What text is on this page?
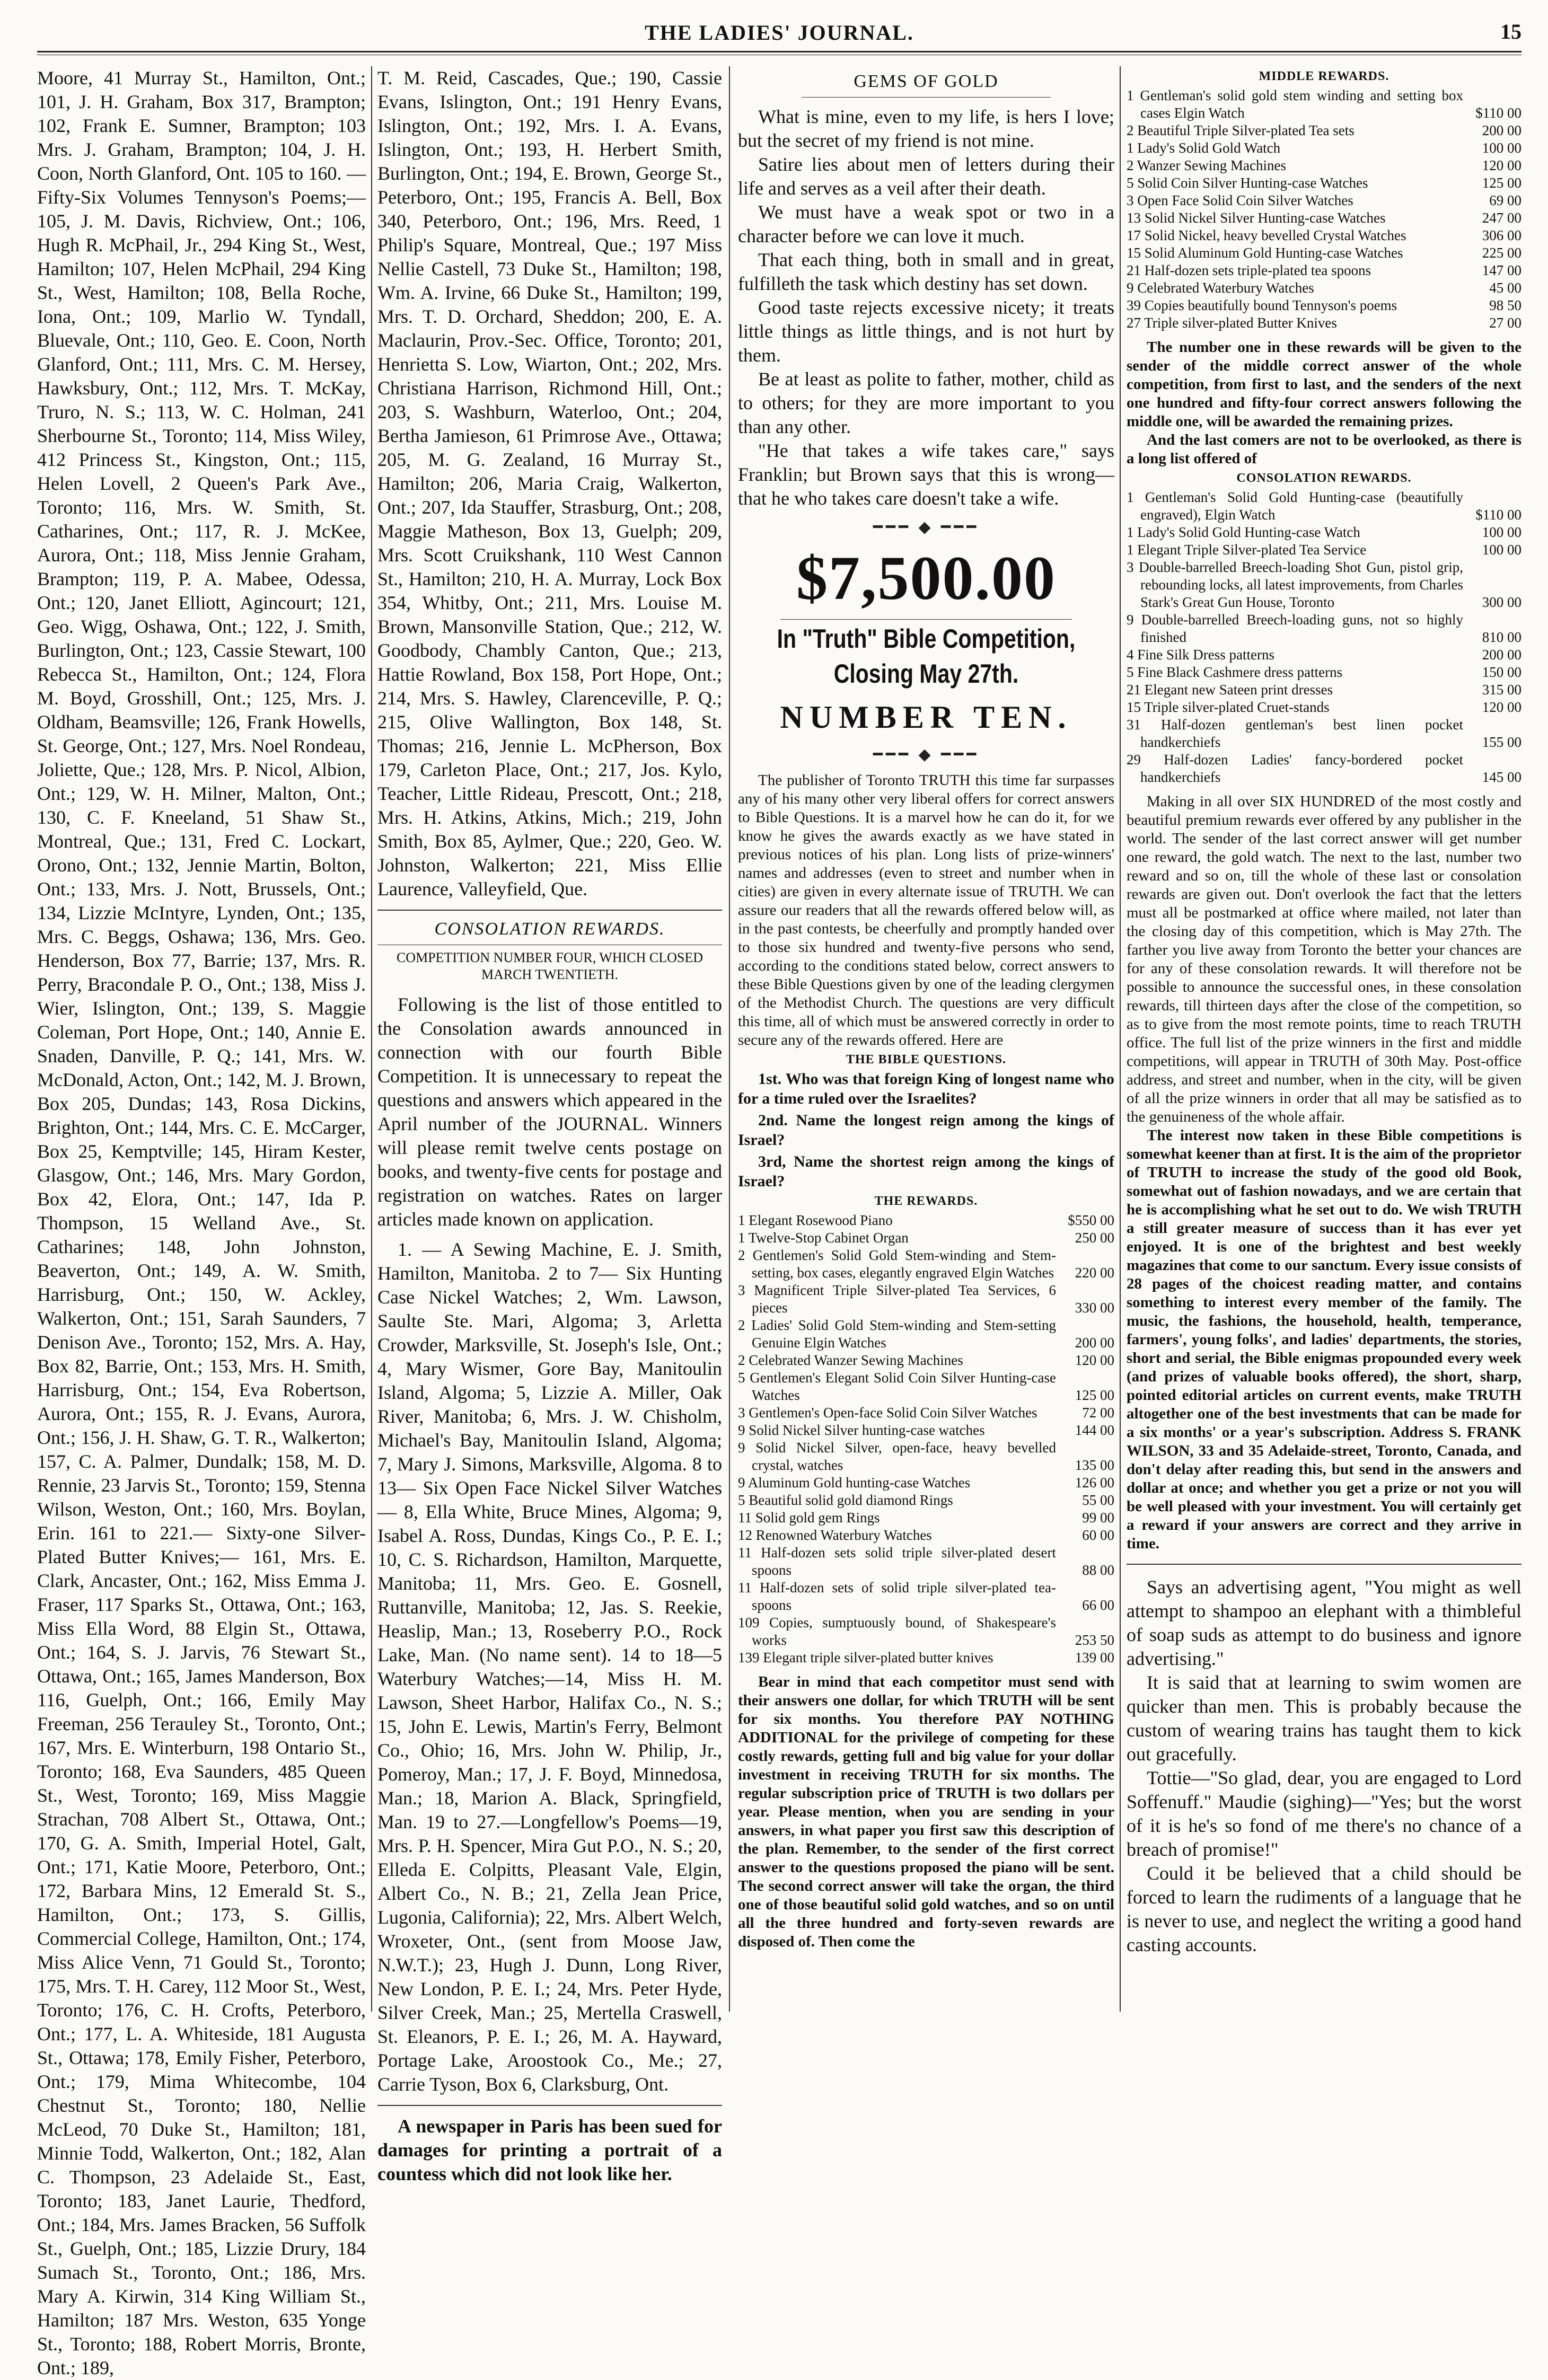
THE LADIES' JOURNAL.	15

Moore, 41 Murray St., Hamilton, Ont.; 101, J. H. Graham, Box 317, Brampton; 102, Frank E. Sumner, Brampton; 103 Mrs. J. Graham, Brampton; 104, J. H. Coon, North Glanford, Ont. 105 to 160. — Fifty-Six Volumes Tennyson's Poems;—105, J. M. Davis, Richview, Ont.; 106, Hugh R. McPhail, Jr., 294 King St., West, Hamilton; 107, Helen McPhail, 294 King St., West, Hamilton; 108, Bella Roche, Iona, Ont.; 109, Marlio W. Tyndall, Bluevale, Ont.; 110, Geo. E. Coon, North Glanford, Ont.; 111, Mrs. C. M. Hersey, Hawksbury, Ont.; 112, Mrs. T. McKay, Truro, N. S.; 113, W. C. Holman, 241 Sherbourne St., Toronto; 114, Miss Wiley, 412 Princess St., Kingston, Ont.; 115, Helen Lovell, 2 Queen's Park Ave., Toronto; 116, Mrs. W. Smith, St. Catharines, Ont.; 117, R. J. McKee, Aurora, Ont.; 118, Miss Jennie Graham, Brampton; 119, P. A. Mabee, Odessa, Ont.; 120, Janet Elliott, Agincourt; 121, Geo. Wigg, Oshawa, Ont.; 122, J. Smith, Burlington, Ont.; 123, Cassie Stewart, 100 Rebecca St., Hamilton, Ont.; 124, Flora M. Boyd, Grosshill, Ont.; 125, Mrs. J. Oldham, Beamsville; 126, Frank Howells, St. George, Ont.; 127, Mrs. Noel Rondeau, Joliette, Que.; 128, Mrs. P. Nicol, Albion, Ont.; 129, W. H. Milner, Malton, Ont.; 130, C. F. Kneeland, 51 Shaw St., Montreal, Que.; 131, Fred C. Lockart, Orono, Ont.; 132, Jennie Martin, Bolton, Ont.; 133, Mrs. J. Nott, Brussels, Ont.; 134, Lizzie McIntyre, Lynden, Ont.; 135, Mrs. C. Beggs, Oshawa; 136, Mrs. Geo. Henderson, Box 77, Barrie; 137, Mrs. R. Perry, Bracondale P. O., Ont.; 138, Miss J. Wier, Islington, Ont.; 139, S. Maggie Coleman, Port Hope, Ont.; 140, Annie E. Snaden, Danville, P. Q.; 141, Mrs. W. McDonald, Acton, Ont.; 142, M. J. Brown, Box 205, Dundas; 143, Rosa Dickins, Brighton, Ont.; 144, Mrs. C. E. McCarger, Box 25, Kemptville; 145, Hiram Kester, Glasgow, Ont.; 146, Mrs. Mary Gordon, Box 42, Elora, Ont.; 147, Ida P. Thompson, 15 Welland Ave., St. Catharines; 148, John Johnston, Beaverton, Ont.; 149, A. W. Smith, Harrisburg, Ont.; 150, W. Ackley, Walkerton, Ont.; 151, Sarah Saunders, 7 Denison Ave., Toronto; 152, Mrs. A. Hay, Box 82, Barrie, Ont.; 153, Mrs. H. Smith, Harrisburg, Ont.; 154, Eva Robertson, Aurora, Ont.; 155, R. J. Evans, Aurora, Ont.; 156, J. H. Shaw, G. T. R., Walkerton; 157, C. A. Palmer, Dundalk; 158, M. D. Rennie, 23 Jarvis St., Toronto; 159, Stenna Wilson, Weston, Ont.; 160, Mrs. Boylan, Erin. 161 to 221.— Sixty-one Silver-Plated Butter Knives;— 161, Mrs. E. Clark, Ancaster, Ont.; 162, Miss Emma J. Fraser, 117 Sparks St., Ottawa, Ont.; 163, Miss Ella Word, 88 Elgin St., Ottawa, Ont.; 164, S. J. Jarvis, 76 Stewart St., Ottawa, Ont.; 165, James Manderson, Box 116, Guelph, Ont.; 166, Emily May Freeman, 256 Terauley St., Toronto, Ont.; 167, Mrs. E. Winterburn, 198 Ontario St., Toronto; 168, Eva Saunders, 485 Queen St., West, Toronto; 169, Miss Maggie Strachan, 708 Albert St., Ottawa, Ont.; 170, G. A. Smith, Imperial Hotel, Galt, Ont.; 171, Katie Moore, Peterboro, Ont.; 172, Barbara Mins, 12 Emerald St. S., Hamilton, Ont.; 173, S. Gillis, Commercial College, Hamilton, Ont.; 174, Miss Alice Venn, 71 Gould St., Toronto; 175, Mrs. T. H. Carey, 112 Moor St., West, Toronto; 176, C. H. Crofts, Peterboro, Ont.; 177, L. A. Whiteside, 181 Augusta St., Ottawa; 178, Emily Fisher, Peterboro, Ont.; 179, Mima Whitecombe, 104 Chestnut St., Toronto; 180, Nellie McLeod, 70 Duke St., Hamilton; 181, Minnie Todd, Walkerton, Ont.; 182, Alan C. Thompson, 23 Adelaide St., East, Toronto; 183, Janet Laurie, Thedford, Ont.; 184, Mrs. James Bracken, 56 Suffolk St., Guelph, Ont.; 185, Lizzie Drury, 184 Sumach St., Toronto, Ont.; 186, Mrs. Mary A. Kirwin, 314 King William St., Hamilton; 187 Mrs. Weston, 635 Yonge St., Toronto; 188, Robert Morris, Bronte, Ont.; 189,

T. M. Reid, Cascades, Que.; 190, Cassie Evans, Islington, Ont.; 191 Henry Evans, Islington, Ont.; 192, Mrs. I. A. Evans, Islington, Ont.; 193, H. Herbert Smith, Burlington, Ont.; 194, E. Brown, George St., Peterboro, Ont.; 195, Francis A. Bell, Box 340, Peterboro, Ont.; 196, Mrs. Reed, 1 Philip's Square, Montreal, Que.; 197 Miss Nellie Castell, 73 Duke St., Hamilton; 198, Wm. A. Irvine, 66 Duke St., Hamilton; 199, Mrs. T. D. Orchard, Sheddon; 200, E. A. Maclaurin, Prov.-Sec. Office, Toronto; 201, Henrietta S. Low, Wiarton, Ont.; 202, Mrs. Christiana Harrison, Richmond Hill, Ont.; 203, S. Washburn, Waterloo, Ont.; 204, Bertha Jamieson, 61 Primrose Ave., Ottawa; 205, M. G. Zealand, 16 Murray St., Hamilton; 206, Maria Craig, Walkerton, Ont.; 207, Ida Stauffer, Strasburg, Ont.; 208, Maggie Matheson, Box 13, Guelph; 209, Mrs. Scott Cruikshank, 110 West Cannon St., Hamilton; 210, H. A. Murray, Lock Box 354, Whitby, Ont.; 211, Mrs. Louise M. Brown, Mansonville Station, Que.; 212, W. Goodbody, Chambly Canton, Que.; 213, Hattie Rowland, Box 158, Port Hope, Ont.; 214, Mrs. S. Hawley, Clarenceville, P. Q.; 215, Olive Wallington, Box 148, St. Thomas; 216, Jennie L. McPherson, Box 179, Carleton Place, Ont.; 217, Jos. Kylo, Teacher, Little Rideau, Prescott, Ont.; 218, Mrs. H. Atkins, Atkins, Mich.; 219, John Smith, Box 85, Aylmer, Que.; 220, Geo. W. Johnston, Walkerton; 221, Miss Ellie Laurence, Valleyfield, Que.

CONSOLATION REWARDS.
COMPETITION NUMBER FOUR, WHICH CLOSED MARCH TWENTIETH.

Following is the list of those entitled to the Consolation awards announced in connection with our fourth Bible Competition. It is unnecessary to repeat the questions and answers which appeared in the April number of the JOURNAL. Winners will please remit twelve cents postage on books, and twenty-five cents for postage and registration on watches. Rates on larger articles made known on application.

1. — A Sewing Machine, E. J. Smith, Hamilton, Manitoba. 2 to 7— Six Hunting Case Nickel Watches; 2, Wm. Lawson, Saulte Ste. Mari, Algoma; 3, Arletta Crowder, Marksville, St. Joseph's Isle, Ont.; 4, Mary Wismer, Gore Bay, Manitoulin Island, Algoma; 5, Lizzie A. Miller, Oak River, Manitoba; 6, Mrs. J. W. Chisholm, Michael's Bay, Manitoulin Island, Algoma; 7, Mary J. Simons, Marksville, Algoma. 8 to 13— Six Open Face Nickel Silver Watches— 8, Ella White, Bruce Mines, Algoma; 9, Isabel A. Ross, Dundas, Kings Co., P. E. I.; 10, C. S. Richardson, Hamilton, Marquette, Manitoba; 11, Mrs. Geo. E. Gosnell, Ruttanville, Manitoba; 12, Jas. S. Reekie, Heaslip, Man.; 13, Roseberry P.O., Rock Lake, Man. (No name sent). 14 to 18—5 Waterbury Watches;—14, Miss H. M. Lawson, Sheet Harbor, Halifax Co., N. S.; 15, John E. Lewis, Martin's Ferry, Belmont Co., Ohio; 16, Mrs. John W. Philip, Jr., Pomeroy, Man.; 17, J. F. Boyd, Minnedosa, Man.; 18, Marion A. Black, Springfield, Man. 19 to 27.—Longfellow's Poems—19, Mrs. P. H. Spencer, Mira Gut P.O., N. S.; 20, Elleda E. Colpitts, Pleasant Vale, Elgin, Albert Co., N. B.; 21, Zella Jean Price, Lugonia, California); 22, Mrs. Albert Welch, Wroxeter, Ont., (sent from Moose Jaw, N.W.T.); 23, Hugh J. Dunn, Long River, New London, P. E. I.; 24, Mrs. Peter Hyde, Silver Creek, Man.; 25, Mertella Craswell, St. Eleanors, P. E. I.; 26, M. A. Hayward, Portage Lake, Aroostook Co., Me.; 27, Carrie Tyson, Box 6, Clarksburg, Ont.

A newspaper in Paris has been sued for damages for printing a portrait of a countess which did not look like her.

GEMS OF GOLD

What is mine, even to my life, is hers I love; but the secret of my friend is not mine.

Satire lies about men of letters during their life and serves as a veil after their death.

We must have a weak spot or two in a character before we can love it much.

That each thing, both in small and in great, fulfilleth the task which destiny has set down.

Good taste rejects excessive nicety; it treats little things as little things, and is not hurt by them.

Be at least as polite to father, mother, child as to others; for they are more important to you than any other.

"He that takes a wife takes care," says Franklin; but Brown says that this is wrong—that he who takes care doesn't take a wife.

━━━ ◆ ━━━
$7,500.00
In "Truth" Bible Competition,
Closing May 27th.
NUMBER TEN.
━━━ ◆ ━━━

The publisher of Toronto TRUTH this time far surpasses any of his many other very liberal offers for correct answers to Bible Questions. It is a marvel how he can do it, for we know he gives the awards exactly as we have stated in previous notices of his plan. Long lists of prize-winners' names and addresses (even to street and number when in cities) are given in every alternate issue of TRUTH. We can assure our readers that all the rewards offered below will, as in the past contests, be cheerfully and promptly handed over to those six hundred and twenty-five persons who send, according to the conditions stated below, correct answers to these Bible Questions given by one of the leading clergymen of the Methodist Church. The questions are very difficult this time, all of which must be answered correctly in order to secure any of the rewards offered. Here are

THE BIBLE QUESTIONS.

1st. Who was that foreign King of longest name who for a time ruled over the Israelites?

2nd. Name the longest reign among the kings of Israel?

3rd, Name the shortest reign among the kings of Israel?

THE REWARDS.
1 Elegant Rosewood Piano	$550 00
1 Twelve-Stop Cabinet Organ	250 00
2 Gentlemen's Solid Gold Stem-winding and Stem-setting, box cases, elegantly engraved Elgin Watches	220 00
3 Magnificent Triple Silver-plated Tea Services, 6 pieces	330 00
2 Ladies' Solid Gold Stem-winding and Stem-setting Genuine Elgin Watches	200 00
2 Celebrated Wanzer Sewing Machines	120 00
5 Gentlemen's Elegant Solid Coin Silver Hunting-case Watches	125 00
3 Gentlemen's Open-face Solid Coin Silver Watches	72 00
9 Solid Nickel Silver hunting-case watches	144 00
9 Solid Nickel Silver, open-face, heavy bevelled crystal, watches	135 00
9 Aluminum Gold hunting-case Watches	126 00
5 Beautiful solid gold diamond Rings	55 00
11 Solid gold gem Rings	99 00
12 Renowned Waterbury Watches	60 00
11 Half-dozen sets solid triple silver-plated desert spoons	88 00
11 Half-dozen sets of solid triple silver-plated tea-spoons	66 00
109 Copies, sumptuously bound, of Shakespeare's works	253 50
139 Elegant triple silver-plated butter knives	139 00

Bear in mind that each competitor must send with their answers one dollar, for which TRUTH will be sent for six months. You therefore PAY NOTHING ADDITIONAL for the privilege of competing for these costly rewards, getting full and big value for your dollar investment in receiving TRUTH for six months. The regular subscription price of TRUTH is two dollars per year. Please mention, when you are sending in your answers, in what paper you first saw this description of the plan. Remember, to the sender of the first correct answer to the questions proposed the piano will be sent. The second correct answer will take the organ, the third one of those beautiful solid gold watches, and so on until all the three hundred and forty-seven rewards are disposed of. Then come the

MIDDLE REWARDS.
1 Gentleman's solid gold stem winding and setting box cases Elgin Watch	$110 00
2 Beautiful Triple Silver-plated Tea sets	200 00
1 Lady's Solid Gold Watch	100 00
2 Wanzer Sewing Machines	120 00
5 Solid Coin Silver Hunting-case Watches	125 00
3 Open Face Solid Coin Silver Watches	69 00
13 Solid Nickel Silver Hunting-case Watches	247 00
17 Solid Nickel, heavy bevelled Crystal Watches	306 00
15 Solid Aluminum Gold Hunting-case Watches	225 00
21 Half-dozen sets triple-plated tea spoons	147 00
9 Celebrated Waterbury Watches	45 00
39 Copies beautifully bound Tennyson's poems	98 50
27 Triple silver-plated Butter Knives	27 00

The number one in these rewards will be given to the sender of the middle correct answer of the whole competition, from first to last, and the senders of the next one hundred and fifty-four correct answers following the middle one, will be awarded the remaining prizes.

And the last comers are not to be overlooked, as there is a long list offered of

CONSOLATION REWARDS.
1 Gentleman's Solid Gold Hunting-case (beautifully engraved), Elgin Watch	$110 00
1 Lady's Solid Gold Hunting-case Watch	100 00
1 Elegant Triple Silver-plated Tea Service	100 00
3 Double-barrelled Breech-loading Shot Gun, pistol grip, rebounding locks, all latest improvements, from Charles Stark's Great Gun House, Toronto	300 00
9 Double-barrelled Breech-loading guns, not so highly finished	810 00
4 Fine Silk Dress patterns	200 00
5 Fine Black Cashmere dress patterns	150 00
21 Elegant new Sateen print dresses	315 00
15 Triple silver-plated Cruet-stands	120 00
31 Half-dozen gentleman's best linen pocket handkerchiefs	155 00
29 Half-dozen Ladies' fancy-bordered pocket handkerchiefs	145 00

Making in all over SIX HUNDRED of the most costly and beautiful premium rewards ever offered by any publisher in the world. The sender of the last correct answer will get number one reward, the gold watch. The next to the last, number two reward and so on, till the whole of these last or consolation rewards are given out. Don't overlook the fact that the letters must all be postmarked at office where mailed, not later than the closing day of this competition, which is May 27th. The farther you live away from Toronto the better your chances are for any of these consolation rewards. It will therefore not be possible to announce the successful ones, in these consolation rewards, till thirteen days after the close of the competition, so as to give from the most remote points, time to reach TRUTH office. The full list of the prize winners in the first and middle competitions, will appear in TRUTH of 30th May. Post-office address, and street and number, when in the city, will be given of all the prize winners in order that all may be satisfied as to the genuineness of the whole affair.

The interest now taken in these Bible competitions is somewhat keener than at first. It is the aim of the proprietor of TRUTH to increase the study of the good old Book, somewhat out of fashion nowadays, and we are certain that he is accomplishing what he set out to do. We wish TRUTH a still greater measure of success than it has ever yet enjoyed. It is one of the brightest and best weekly magazines that come to our sanctum. Every issue consists of 28 pages of the choicest reading matter, and contains something to interest every member of the family. The music, the fashions, the household, health, temperance, farmers', young folks', and ladies' departments, the stories, short and serial, the Bible enigmas propounded every week (and prizes of valuable books offered), the short, sharp, pointed editorial articles on current events, make TRUTH altogether one of the best investments that can be made for a six months' or a year's subscription. Address S. FRANK WILSON, 33 and 35 Adelaide-street, Toronto, Canada, and don't delay after reading this, but send in the answers and dollar at once; and whether you get a prize or not you will be well pleased with your investment. You will certainly get a reward if your answers are correct and they arrive in time.

Says an advertising agent, "You might as well attempt to shampoo an elephant with a thimbleful of soap suds as attempt to do business and ignore advertising."

It is said that at learning to swim women are quicker than men. This is probably because the custom of wearing trains has taught them to kick out gracefully.

Tottie—"So glad, dear, you are engaged to Lord Soffenuff." Maudie (sighing)—"Yes; but the worst of it is he's so fond of me there's no chance of a breach of promise!"

Could it be believed that a child should be forced to learn the rudiments of a language that he is never to use, and neglect the writing a good hand casting accounts.
